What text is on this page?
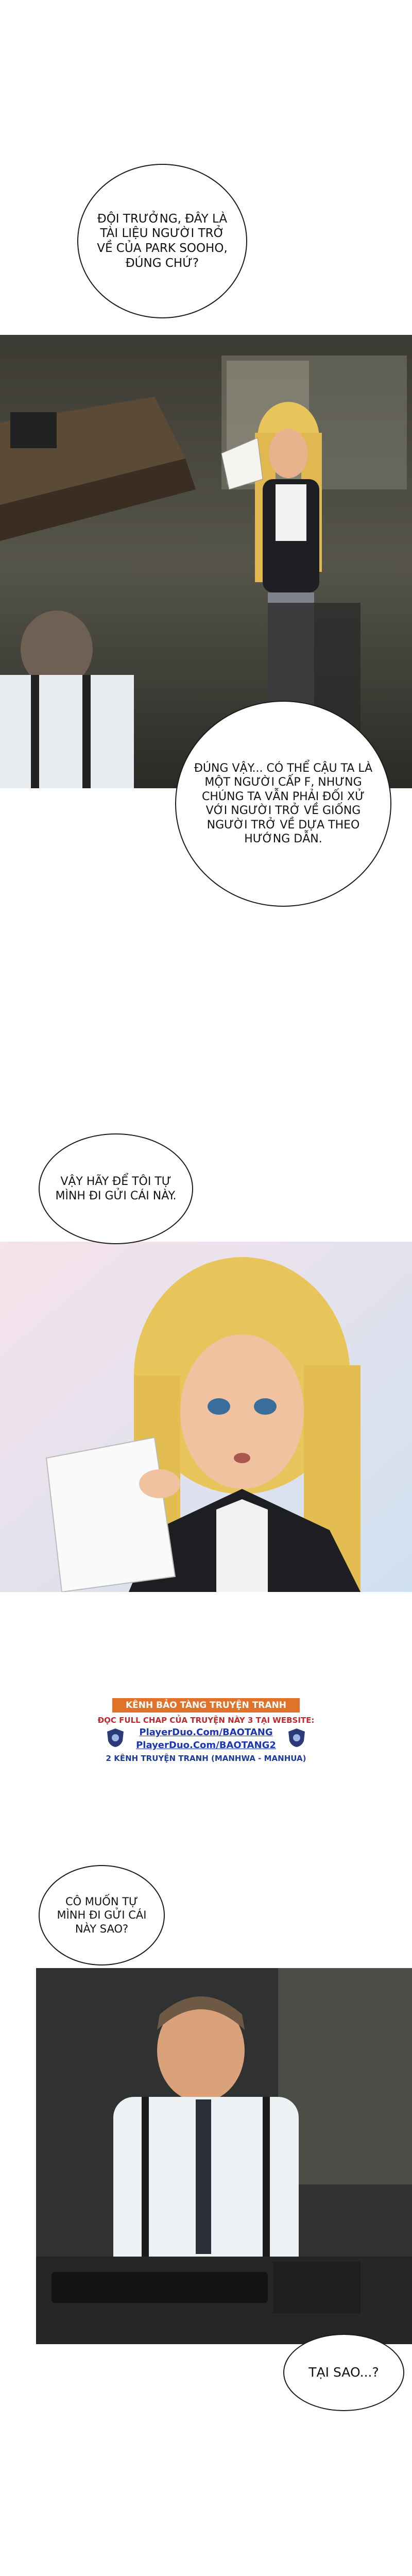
ĐỘI TRƯỞNG, ĐÂY LÀ TÀI LIỆU NGƯỜI TRỞ VỀ CỦA PARK SOOHO, ĐÚNG CHỨ?
ĐÚNG VẬY... CÓ THỂ CẬU TA LÀ MỘT NGƯỜI CẤP F, NHƯNG CHÚNG TA VẪN PHẢI ĐỐI XỬ VỚI NGƯỜI TRỞ VỀ GIỐNG NGƯỜI TRỞ VỀ DỰA THEO HƯỚNG DẪN.
VẬY HÃY ĐỂ TÔI TỰ MÌNH ĐI GỬI CÁI NÀY.
KÊNH BẢO TÀNG TRUYỆN TRANH
ĐỌC FULL CHAP CỦA TRUYỆN NÀY 3 TẠI WEBSITE:
PlayerDuo.Com/BAOTANG
PlayerDuo.Com/BAOTANG2
2 KÊNH TRUYỆN TRANH (MANHWA - MANHUA)
CÔ MUỐN TỰ MÌNH ĐI GỬI CÁI NÀY SAO?
TẠI SAO...?
